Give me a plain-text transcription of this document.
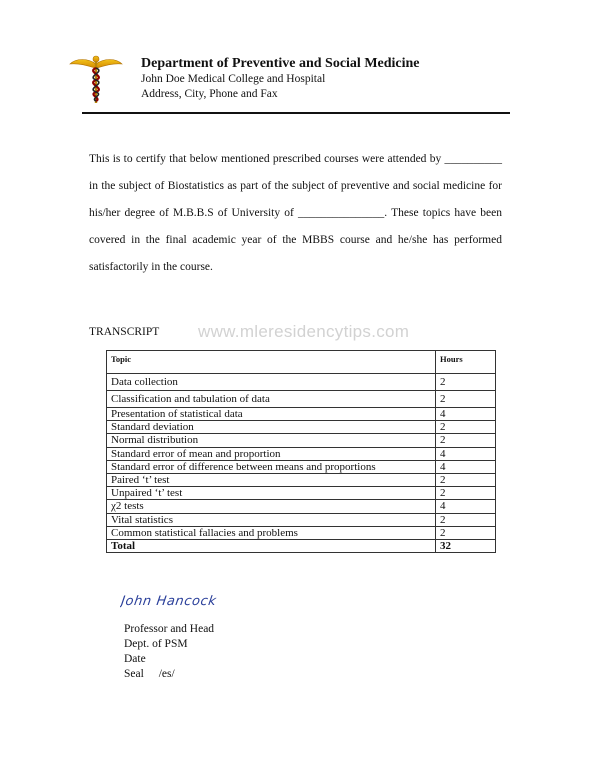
Department of Preventive and Social Medicine
John Doe Medical College and Hospital
Address, City, Phone and Fax
This is to certify that below mentioned prescribed courses were attended by __________
in the subject of Biostatistics as part of the subject of preventive and social medicine for
his/her degree of M.B.B.S of University of _______________. These topics have been
covered in the final academic year of the MBBS course and he/she has performed
satisfactorily in the course.
TRANSCRIPT www.mleresidencytips.com
Topic	Hours
Data collection	2
Classification and tabulation of data	2
Presentation of statistical data	4
Standard deviation	2
Normal distribution	2
Standard error of mean and proportion	4
Standard error of difference between means and proportions	4
Paired ‘t’ test	2
Unpaired ‘t’ test	2
χ2 tests	4
Vital statistics	2
Common statistical fallacies and problems	2
Total	32
John Hancock
Professor and Head
Dept. of PSM
Date
Seal /es/
